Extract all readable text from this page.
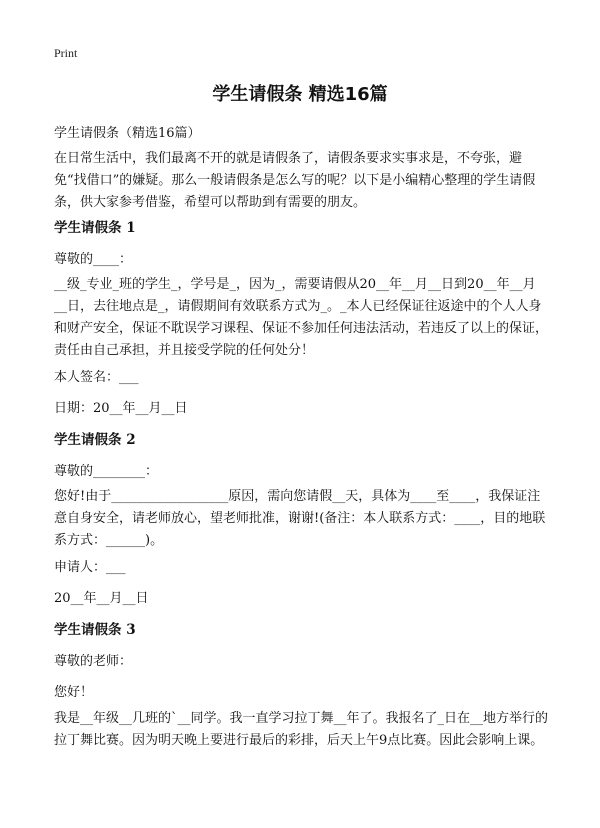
Print
学生请假条 精选16篇
学生请假条（精选16篇）

在日常生活中，我们最离不开的就是请假条了，请假条要求实事求是，不夸张，避免“找借口”的嫌疑。那么一般请假条是怎么写的呢？以下是小编精心整理的学生请假条，供大家参考借鉴，希望可以帮助到有需要的朋友。

学生请假条 1

尊敬的____：

__级_专业_班的学生_，学号是_，因为_，需要请假从20__年__月__日到20__年__月__日，去往地点是_，请假期间有效联系方式为_。_本人已经保证往返途中的个人人身和财产安全，保证不耽误学习课程、保证不参加任何违法活动，若违反了以上的保证，责任由自己承担，并且接受学院的任何处分！

本人签名：___

日期：20__年__月__日

学生请假条 2

尊敬的________：

您好!由于__________________原因，需向您请假__天，具体为____至____，我保证注意自身安全，请老师放心，望老师批准，谢谢!(备注：本人联系方式：____，目的地联系方式：______)。

申请人：___

20__年__月__日

学生请假条 3

尊敬的老师：

您好！

我是__年级__几班的`__同学。我一直学习拉丁舞__年了。我报名了_日在__地方举行的拉丁舞比赛。因为明天晚上要进行最后的彩排，后天上午9点比赛。因此会影响上课。
